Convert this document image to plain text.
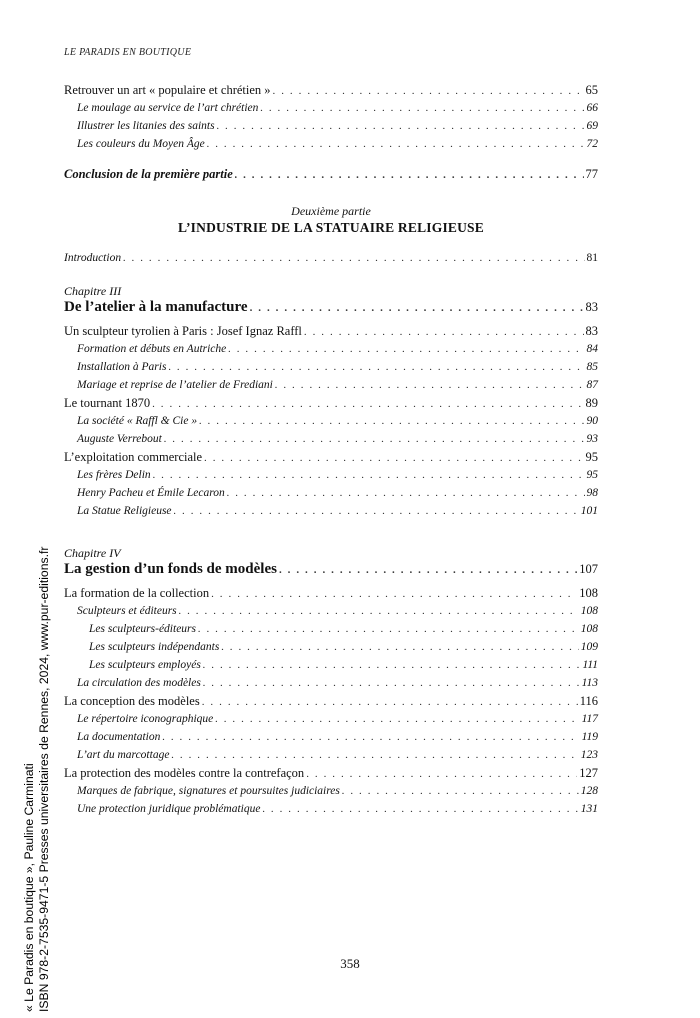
LE PARADIS EN BOUTIQUE
Retrouver un art « populaire et chrétien » . . .	65
Le moulage au service de l’art chrétien . . .	66
Illustrer les litanies des saints . . .	69
Les couleurs du Moyen Âge . . .	72
Conclusion de la première partie . . .	77
Deuxième partie
L’INDUSTRIE DE LA STATUAIRE RELIGIEUSE
Introduction . . .	81
Chapitre III
De l’atelier à la manufacture . . .	83
Un sculpteur tyrolien à Paris : Josef Ignaz Raffl . . .	83
Formation et débuts en Autriche . . .	84
Installation à Paris . . .	85
Mariage et reprise de l’atelier de Frediani . . .	87
Le tournant 1870 . . .	89
La société « Raffl & Cie » . . .	90
Auguste Verrebout . . .	93
L’exploitation commerciale . . .	95
Les frères Delin . . .	95
Henry Pacheu et Émile Lecaron . . .	98
La Statue Religieuse . . .	101
Chapitre IV
La gestion d’un fonds de modèles . . .	107
La formation de la collection . . .	108
Sculpteurs et éditeurs . . .	108
Les sculpteurs-éditeurs . . .	108
Les sculpteurs indépendants . . .	109
Les sculpteurs employés . . .	111
La circulation des modèles . . .	113
La conception des modèles . . .	116
Le répertoire iconographique . . .	117
La documentation . . .	119
L’art du marcottage . . .	123
La protection des modèles contre la contrefaçon . . .	127
Marques de fabrique, signatures et poursuites judiciaires . . .	128
Une protection juridique problématique . . .	131
358
« Le Paradis en boutique », Pauline Carminati ISBN 978-2-7535-9471-5 Presses universitaires de Rennes, 2024, www.pur-editions.fr
